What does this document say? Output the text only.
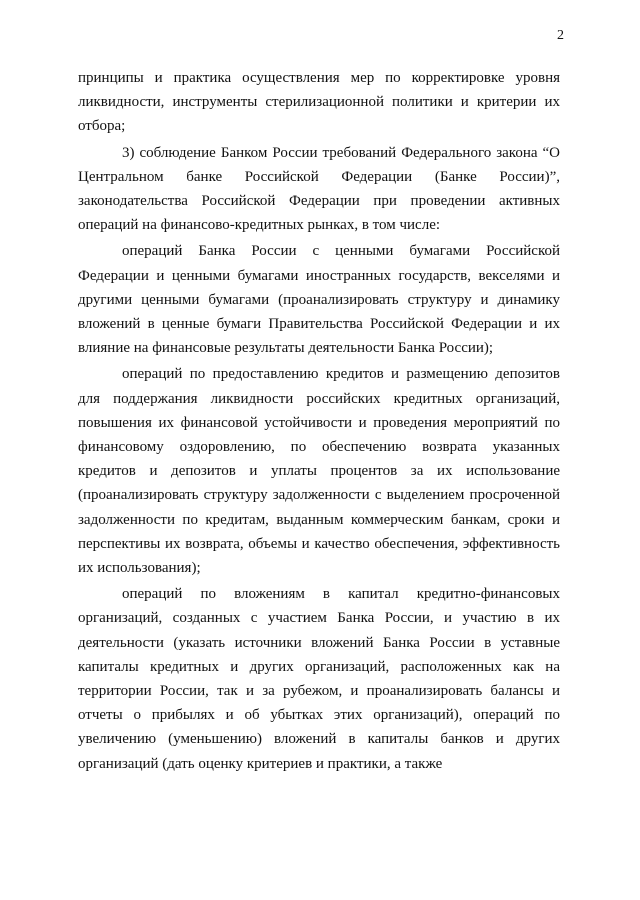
2

принципы и практика осуществления мер по корректировке уровня ликвидности, инструменты стерилизационной политики и критерии их отбора;

3) соблюдение Банком России требований Федерального закона “О Центральном банке Российской Федерации (Банке России)”, законодательства Российской Федерации при проведении активных операций на финансово-кредитных рынках, в том числе:

операций Банка России с ценными бумагами Российской Федерации и ценными бумагами иностранных государств, векселями и другими ценными бумагами (проанализировать структуру и динамику вложений в ценные бумаги Правительства Российской Федерации и их влияние на финансовые результаты деятельности Банка России);

операций по предоставлению кредитов и размещению депозитов для поддержания ликвидности российских кредитных организаций, повышения их финансовой устойчивости и проведения мероприятий по финансовому оздоровлению, по обеспечению возврата указанных кредитов и депозитов и уплаты процентов за их использование (проанализировать структуру задолженности с выделением просроченной задолженности по кредитам, выданным коммерческим банкам, сроки и перспективы их возврата, объемы и качество обеспечения, эффективность их использования);

операций по вложениям в капитал кредитно-финансовых организаций, созданных с участием Банка России, и участию в их деятельности (указать источники вложений Банка России в уставные капиталы кредитных и других организаций, расположенных как на территории России, так и за рубежом, и проанализировать балансы и отчеты о прибылях и об убытках этих организаций), операций по увеличению (уменьшению) вложений в капиталы банков и других организаций (дать оценку критериев и практики, а также
